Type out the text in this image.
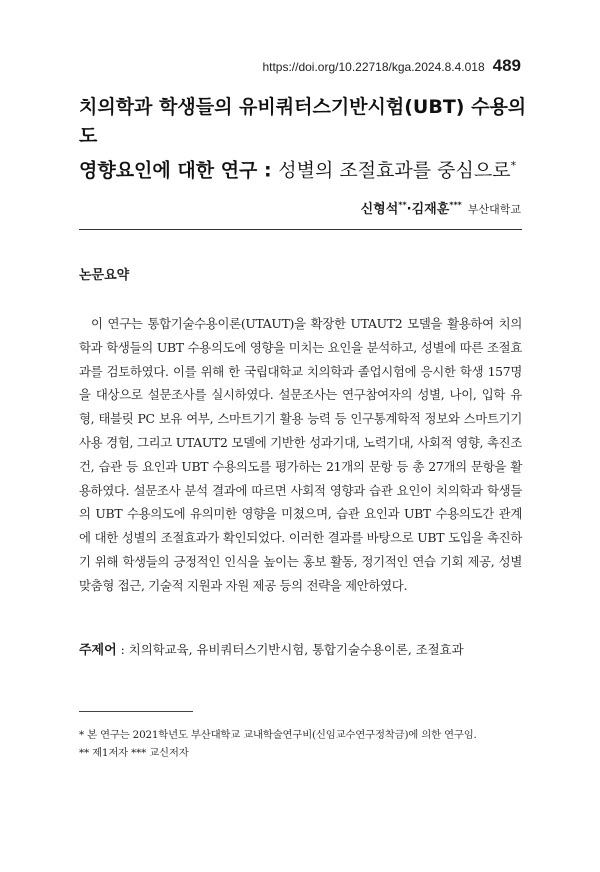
https://doi.org/10.22718/kga.2024.8.4.018 489
치의학과 학생들의 유비쿼터스기반시험(UBT) 수용의도
영향요인에 대한 연구 : 성별의 조절효과를 중심으로*
신형석**·김재훈*** 부산대학교
논문요약

이 연구는 통합기술수용이론(UTAUT)을 확장한 UTAUT2 모델을 활용하여 치의학과 학생들의 UBT 수용의도에 영향을 미치는 요인을 분석하고, 성별에 따른 조절효과를 검토하였다. 이를 위해 한 국립대학교 치의학과 졸업시험에 응시한 학생 157명을 대상으로 설문조사를 실시하였다. 설문조사는 연구참여자의 성별, 나이, 입학 유형, 태블릿 PC 보유 여부, 스마트기기 활용 능력 등 인구통계학적 정보와 스마트기기 사용 경험, 그리고 UTAUT2 모델에 기반한 성과기대, 노력기대, 사회적 영향, 촉진조건, 습관 등 요인과 UBT 수용의도를 평가하는 21개의 문항 등 총 27개의 문항을 활용하였다. 설문조사 분석 결과에 따르면 사회적 영향과 습관 요인이 치의학과 학생들의 UBT 수용의도에 유의미한 영향을 미쳤으며, 습관 요인과 UBT 수용의도간 관계에 대한 성별의 조절효과가 확인되었다. 이러한 결과를 바탕으로 UBT 도입을 촉진하기 위해 학생들의 긍정적인 인식을 높이는 홍보 활동, 정기적인 연습 기회 제공, 성별 맞춤형 접근, 기술적 지원과 자원 제공 등의 전략을 제안하였다.

주제어 : 치의학교육, 유비쿼터스기반시험, 통합기술수용이론, 조절효과
* 본 연구는 2021학년도 부산대학교 교내학술연구비(신임교수연구정착금)에 의한 연구임.
** 제1저자 *** 교신저자
